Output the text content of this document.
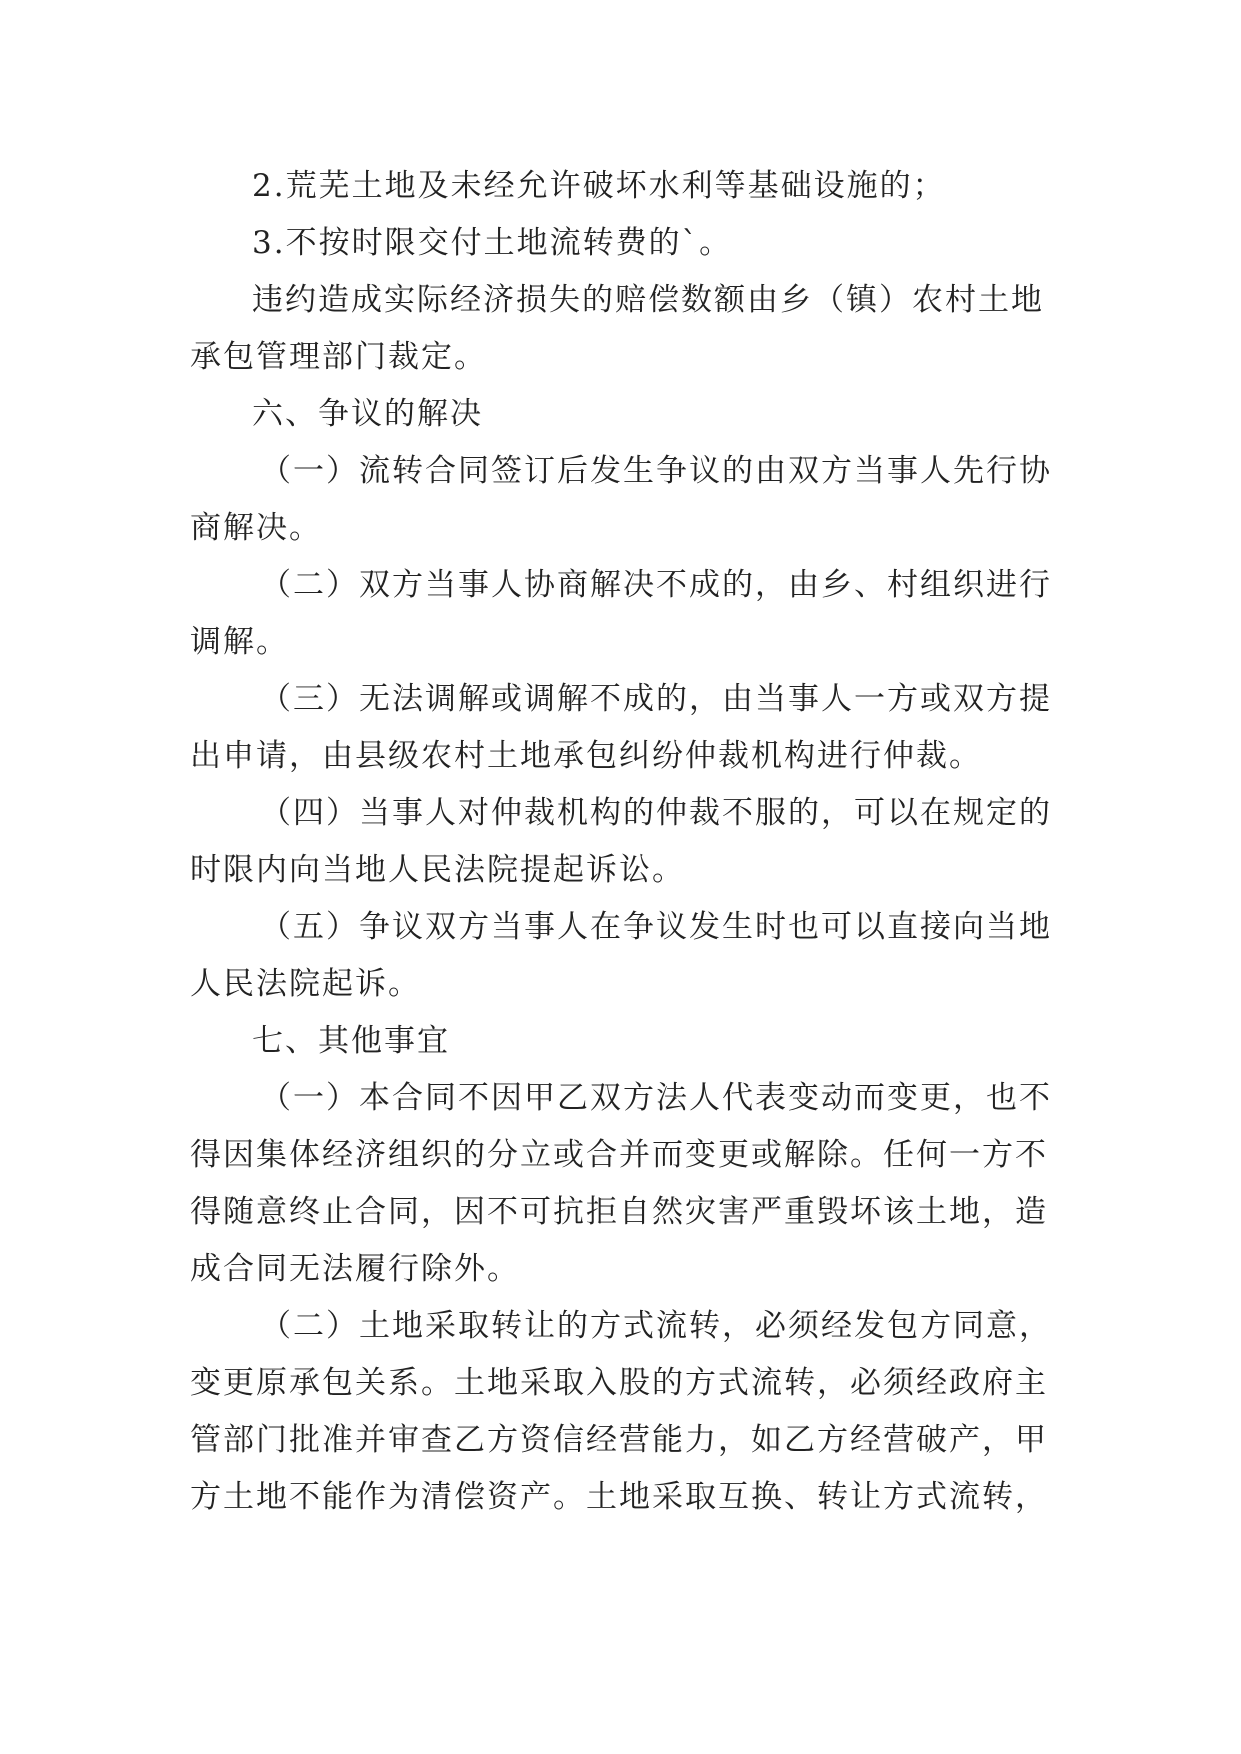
2.荒芜土地及未经允许破坏水利等基础设施的；
3.不按时限交付土地流转费的`。
违约造成实际经济损失的赔偿数额由乡（镇）农村土地
承包管理部门裁定。
六、争议的解决
（一）流转合同签订后发生争议的由双方当事人先行协
商解决。
（二）双方当事人协商解决不成的，由乡、村组织进行
调解。
（三）无法调解或调解不成的，由当事人一方或双方提
出申请，由县级农村土地承包纠纷仲裁机构进行仲裁。
（四）当事人对仲裁机构的仲裁不服的，可以在规定的
时限内向当地人民法院提起诉讼。
（五）争议双方当事人在争议发生时也可以直接向当地
人民法院起诉。
七、其他事宜
（一）本合同不因甲乙双方法人代表变动而变更，也不
得因集体经济组织的分立或合并而变更或解除。任何一方不
得随意终止合同，因不可抗拒自然灾害严重毁坏该土地，造
成合同无法履行除外。
（二）土地采取转让的方式流转，必须经发包方同意，
变更原承包关系。土地采取入股的方式流转，必须经政府主
管部门批准并审查乙方资信经营能力，如乙方经营破产，甲
方土地不能作为清偿资产。土地采取互换、转让方式流转，
